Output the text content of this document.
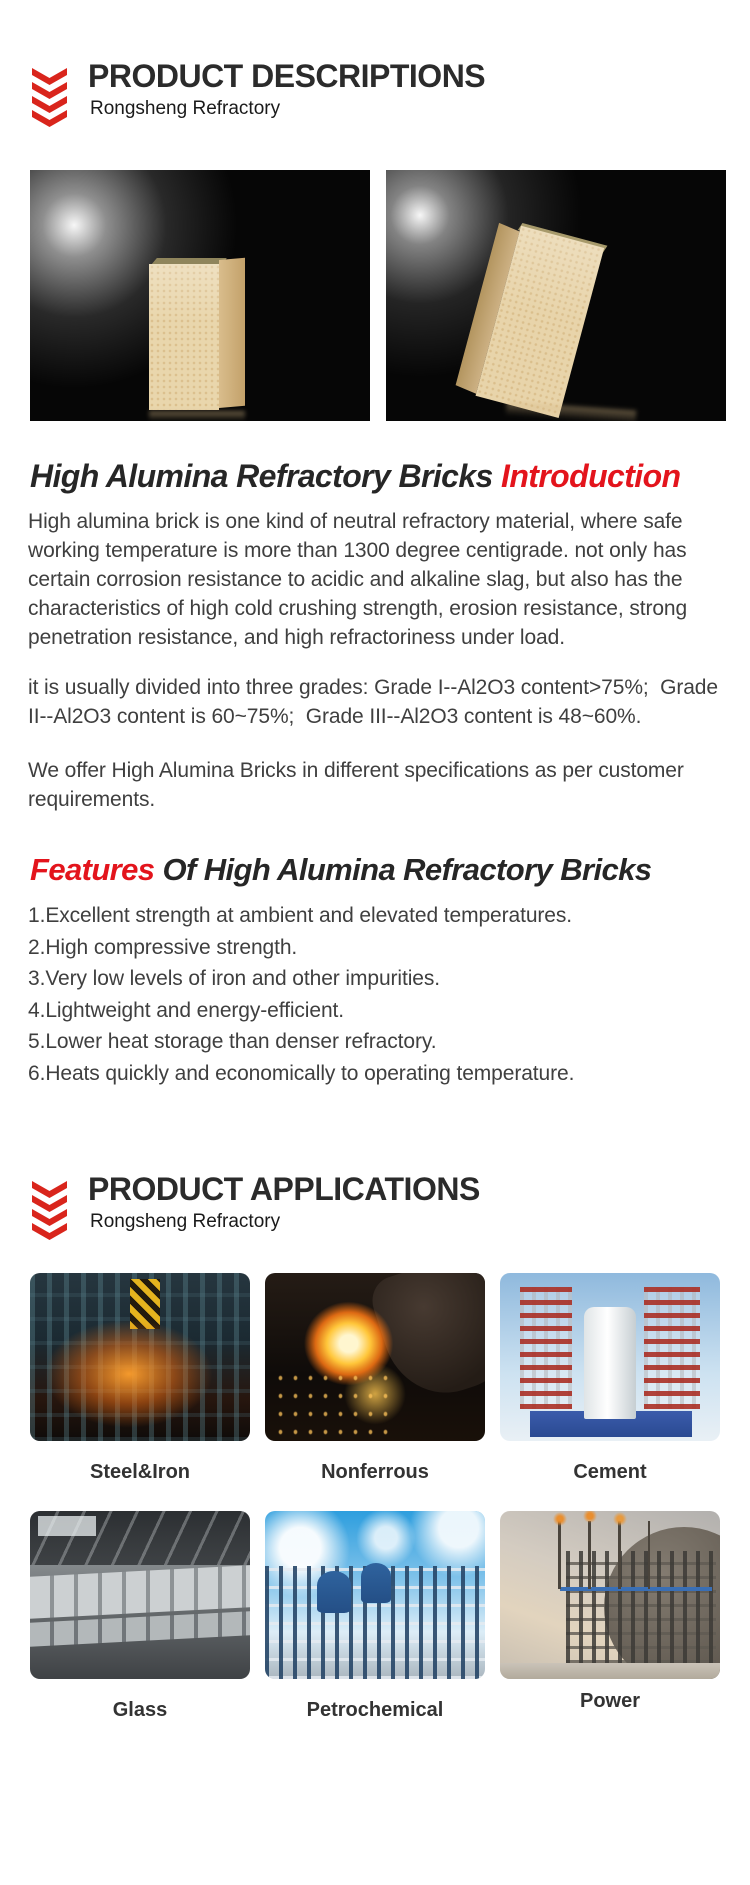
PRODUCT DESCRIPTIONS
Rongsheng Refractory
High Alumina Refractory Bricks Introduction

High alumina brick is one kind of neutral refractory material, where safe working temperature is more than 1300 degree centigrade. not only has certain corrosion resistance to acidic and alkaline slag, but also has the characteristics of high cold crushing strength, erosion resistance, strong penetration resistance, and high refractoriness under load.

it is usually divided into three grades: Grade I--Al2O3 content>75%;  Grade II--Al2O3 content is 60~75%;  Grade III--Al2O3 content is 48~60%.

We offer High Alumina Bricks in different specifications as per customer requirements.

Features Of High Alumina Refractory Bricks
1.Excellent strength at ambient and elevated temperatures.
2.High compressive strength.
3.Very low levels of iron and other impurities.
4.Lightweight and energy-efficient.
5.Lower heat storage than denser refractory.
6.Heats quickly and economically to operating temperature.
PRODUCT APPLICATIONS
Rongsheng Refractory
Steel&Iron	Nonferrous	Cement
Glass	Petrochemical	Power
